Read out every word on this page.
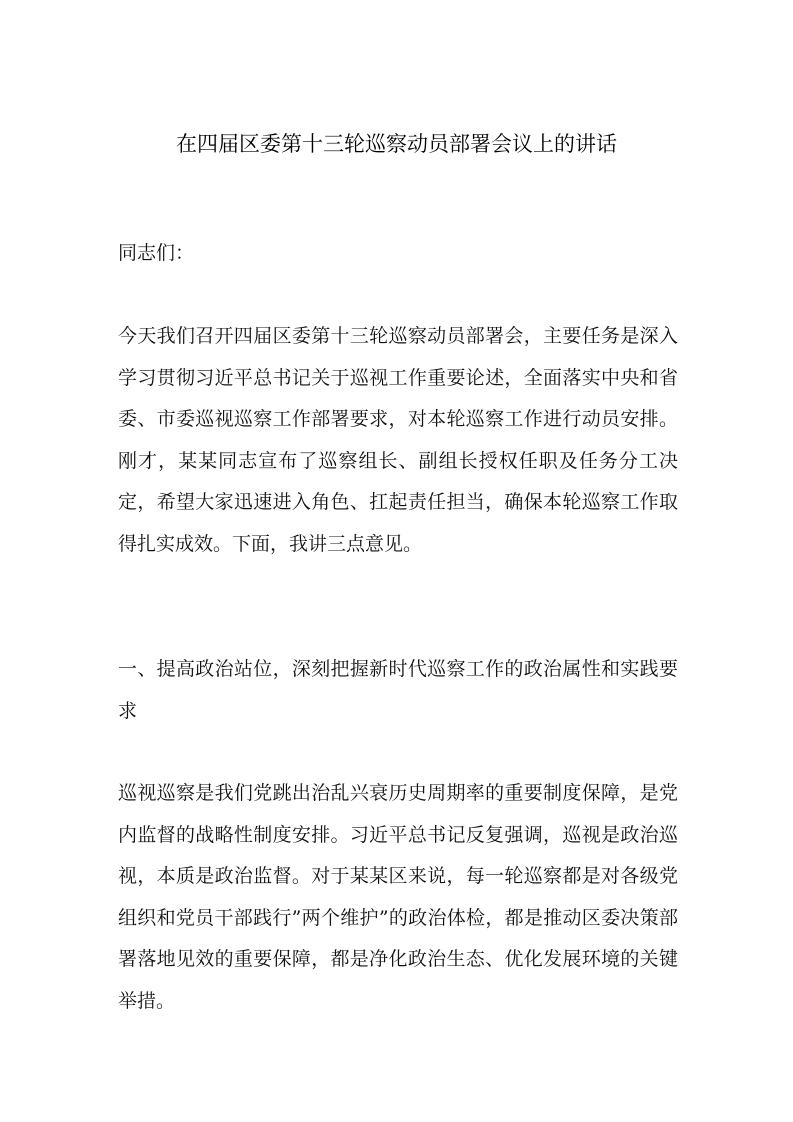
在四届区委第十三轮巡察动员部署会议上的讲话

同志们：

今天我们召开四届区委第十三轮巡察动员部署会，主要任务是深入学习贯彻习近平总书记关于巡视工作重要论述，全面落实中央和省委、市委巡视巡察工作部署要求，对本轮巡察工作进行动员安排。刚才，某某同志宣布了巡察组长、副组长授权任职及任务分工决定，希望大家迅速进入角色、扛起责任担当，确保本轮巡察工作取得扎实成效。下面，我讲三点意见。

一、提高政治站位，深刻把握新时代巡察工作的政治属性和实践要求

巡视巡察是我们党跳出治乱兴衰历史周期率的重要制度保障，是党内监督的战略性制度安排。习近平总书记反复强调，巡视是政治巡视，本质是政治监督。对于某某区来说，每一轮巡察都是对各级党组织和党员干部践行”两个维护”的政治体检，都是推动区委决策部署落地见效的重要保障，都是净化政治生态、优化发展环境的关键举措。
